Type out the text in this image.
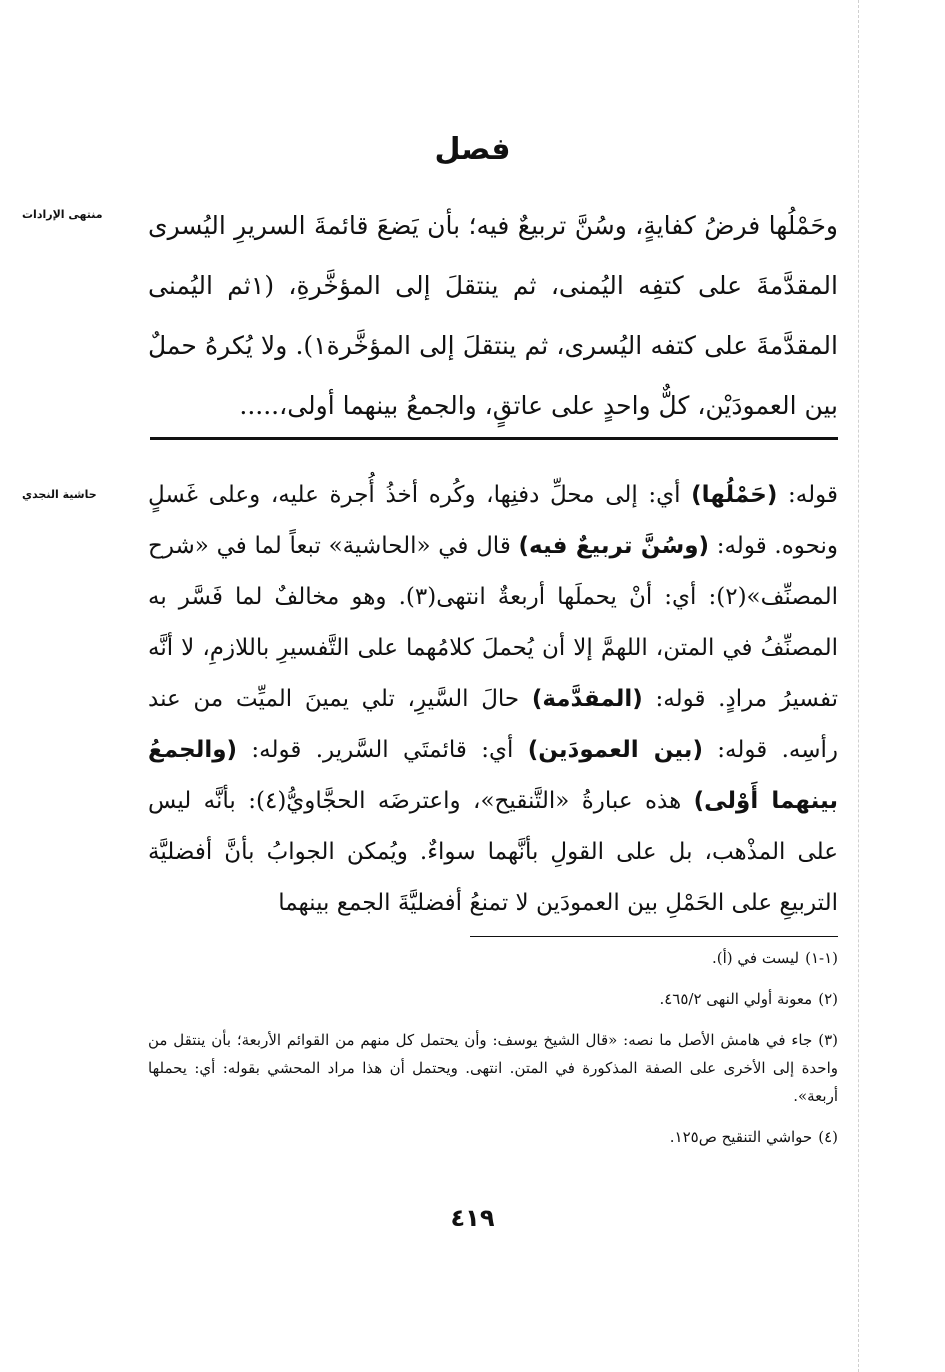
فصل
منتهى الإرادات
حاشية النجدي

وحَمْلُها فرضُ كفايةٍ، وسُنَّ تربيعٌ فيه؛ بأن يَضعَ قائمةَ السريرِ اليُسرى المقدَّمةَ على كتفِه اليُمنى، ثم ينتقلَ إلى المؤخَّرةِ، (١ثم اليُمنى المقدَّمةَ على كتفه اليُسرى، ثم ينتقلَ إلى المؤخَّرة١). ولا يُكرهُ حملٌ بين العمودَيْن، كلٌّ واحدٍ على عاتقٍ، والجمعُ بينهما أولى،.....

قوله: (حَمْلُها) أي: إلى محلِّ دفنِها، وكُره أخذُ أُجرة عليه، وعلى غَسلٍ ونحوه. قوله: (وسُنَّ تربيعٌ فيه) قال في «الحاشية» تبعاً لما في «شرح المصنِّف»(٢): أي: أنْ يحملَها أربعةٌ انتهى(٣). وهو مخالفٌ لما فَسَّر به المصنِّفُ في المتن، اللهمَّ إلا أن يُحملَ كلامُهما على التَّفسيرِ باللازمِ، لا أنَّه تفسيرُ مرادٍ. قوله: (المقدَّمة) حالَ السَّيرِ، تلي يمينَ الميِّت من عند رأسِه. قوله: (بين العمودَين) أي: قائمتَي السَّرير. قوله: (والجمعُ بينهما أَوْلى) هذه عبارةُ «التَّنقيح»، واعترضَه الحجَّاويُّ(٤): بأنَّه ليس على المذْهب، بل على القولِ بأنَّهما سواءٌ. ويُمكن الجوابُ بأنَّ أفضليَّة التربيعِ على الحَمْلِ بين العمودَين لا تمنعُ أفضليَّةَ الجمع بينهما

(١-١)ليست في (أ).

(٢)معونة أولي النهى ٤٦٥/٢.

(٣)جاء في هامش الأصل ما نصه: «قال الشيخ يوسف: وأن يحتمل كل منهم من القوائم الأربعة؛ بأن ينتقل من واحدة إلى الأخرى على الصفة المذكورة في المتن. انتهى. ويحتمل أن هذا مراد المحشي بقوله: أي: يحملها أربعة».

(٤)حواشي التنقيح ص١٢٥.

٤١٩
